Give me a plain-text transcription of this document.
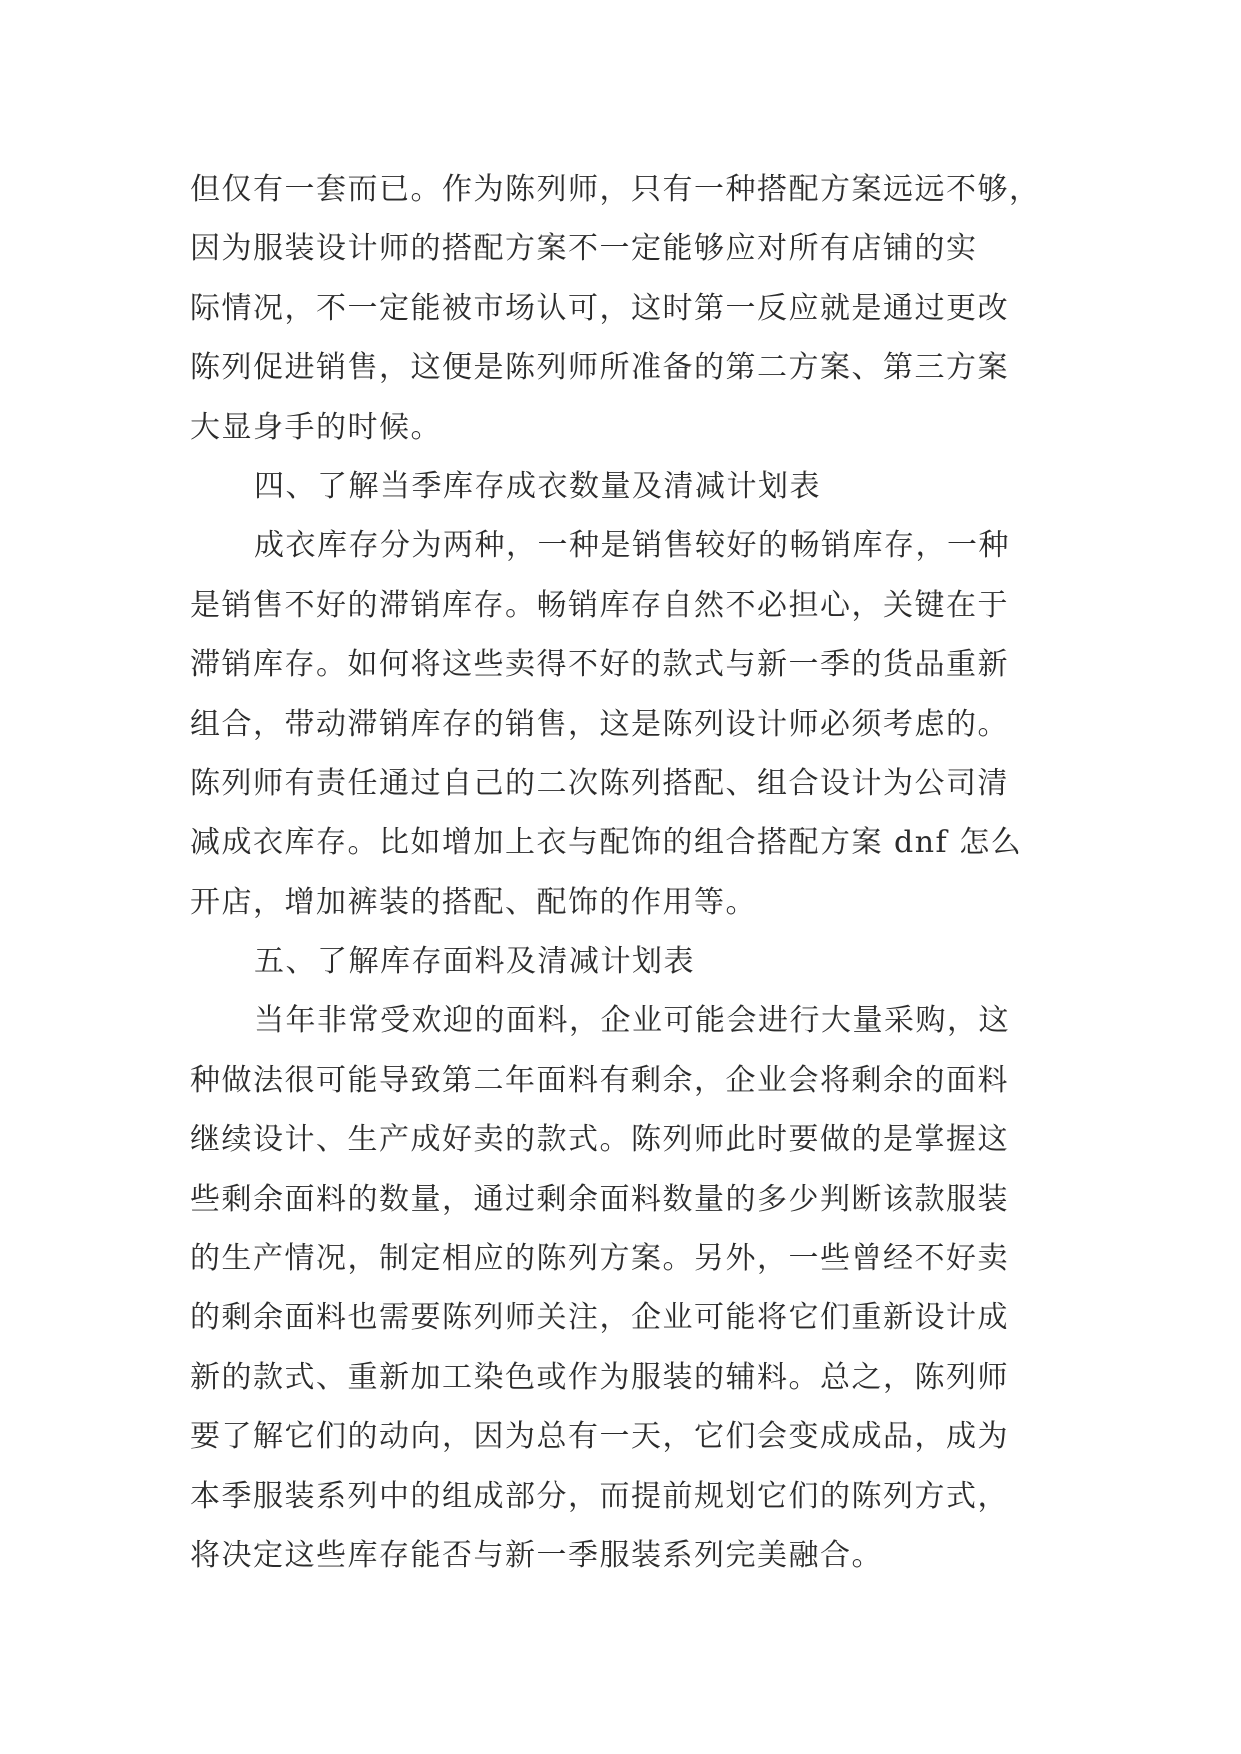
但仅有一套而已。作为陈列师，只有一种搭配方案远远不够，
因为服装设计师的搭配方案不一定能够应对所有店铺的实
际情况，不一定能被市场认可，这时第一反应就是通过更改
陈列促进销售，这便是陈列师所准备的第二方案、第三方案
大显身手的时候。
四、了解当季库存成衣数量及清减计划表
成衣库存分为两种，一种是销售较好的畅销库存，一种
是销售不好的滞销库存。畅销库存自然不必担心，关键在于
滞销库存。如何将这些卖得不好的款式与新一季的货品重新
组合，带动滞销库存的销售，这是陈列设计师必须考虑的。
陈列师有责任通过自己的二次陈列搭配、组合设计为公司清
减成衣库存。比如增加上衣与配饰的组合搭配方案 dnf 怎么
开店，增加裤装的搭配、配饰的作用等。
五、了解库存面料及清减计划表
当年非常受欢迎的面料，企业可能会进行大量采购，这
种做法很可能导致第二年面料有剩余，企业会将剩余的面料
继续设计、生产成好卖的款式。陈列师此时要做的是掌握这
些剩余面料的数量，通过剩余面料数量的多少判断该款服装
的生产情况，制定相应的陈列方案。另外，一些曾经不好卖
的剩余面料也需要陈列师关注，企业可能将它们重新设计成
新的款式、重新加工染色或作为服装的辅料。总之，陈列师
要了解它们的动向，因为总有一天，它们会变成成品，成为
本季服装系列中的组成部分，而提前规划它们的陈列方式，
将决定这些库存能否与新一季服装系列完美融合。
